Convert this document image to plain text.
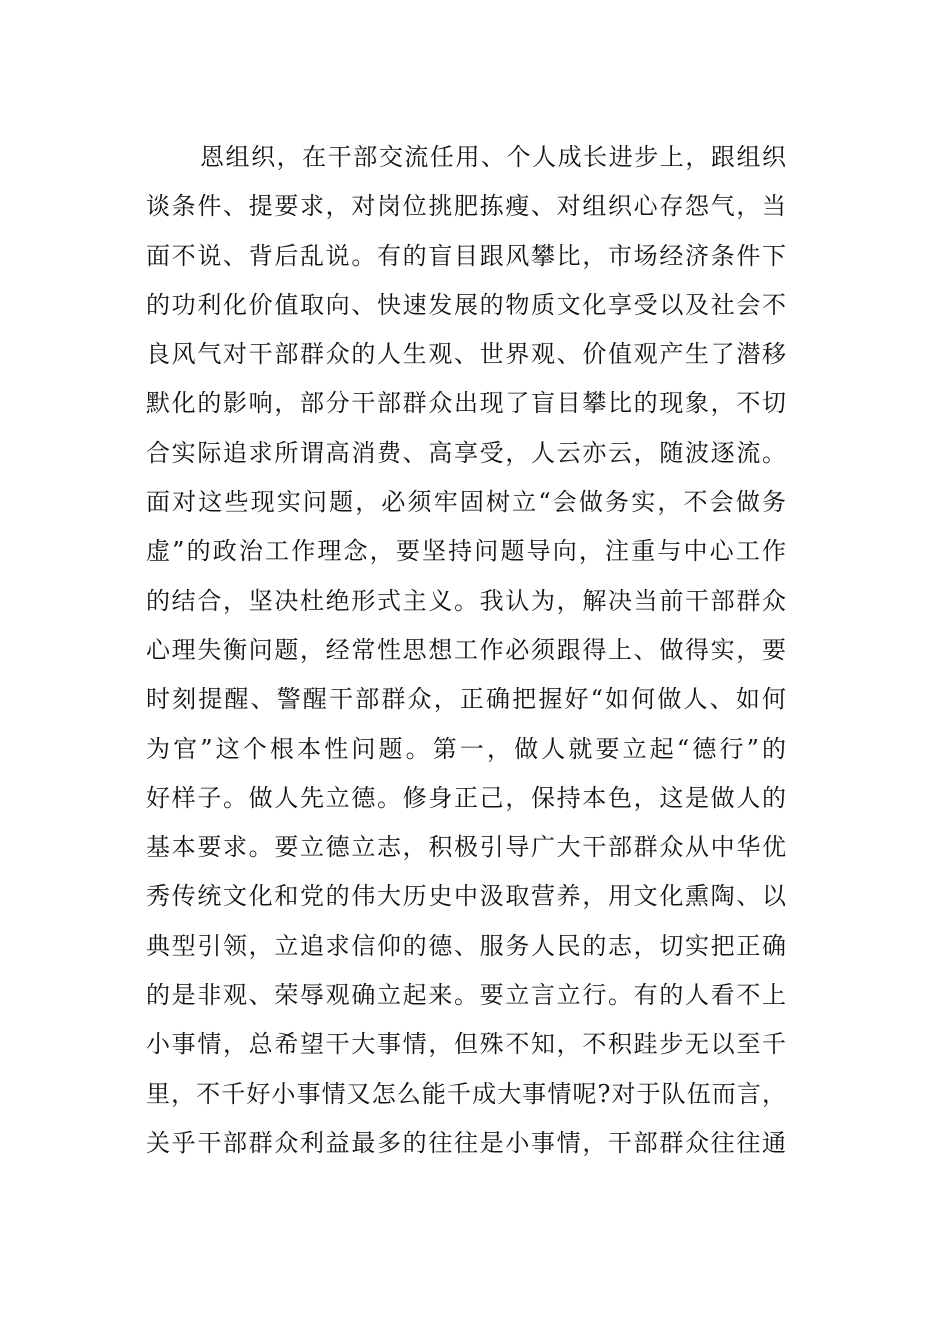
恩组织，在干部交流任用、个人成长进步上，跟组织
谈条件、提要求，对岗位挑肥拣瘦、对组织心存怨气，当
面不说、背后乱说。有的盲目跟风攀比，市场经济条件下
的功利化价值取向、快速发展的物质文化享受以及社会不
良风气对干部群众的人生观、世界观、价值观产生了潜移
默化的影响，部分干部群众出现了盲目攀比的现象，不切
合实际追求所谓高消费、高享受，人云亦云，随波逐流。
面对这些现实问题，必须牢固树立“会做务实，不会做务
虚”的政治工作理念，要坚持问题导向，注重与中心工作
的结合，坚决杜绝形式主义。我认为，解决当前干部群众
心理失衡问题，经常性思想工作必须跟得上、做得实，要
时刻提醒、警醒干部群众，正确把握好“如何做人、如何
为官”这个根本性问题。第一，做人就要立起“德行”的
好样子。做人先立德。修身正己，保持本色，这是做人的
基本要求。要立德立志，积极引导广大干部群众从中华优
秀传统文化和党的伟大历史中汲取营养，用文化熏陶、以
典型引领，立追求信仰的德、服务人民的志，切实把正确
的是非观、荣辱观确立起来。要立言立行。有的人看不上
小事情，总希望干大事情，但殊不知，不积跬步无以至千
里，不千好小事情又怎么能千成大事情呢?对于队伍而言，
关乎干部群众利益最多的往往是小事情，干部群众往往通
